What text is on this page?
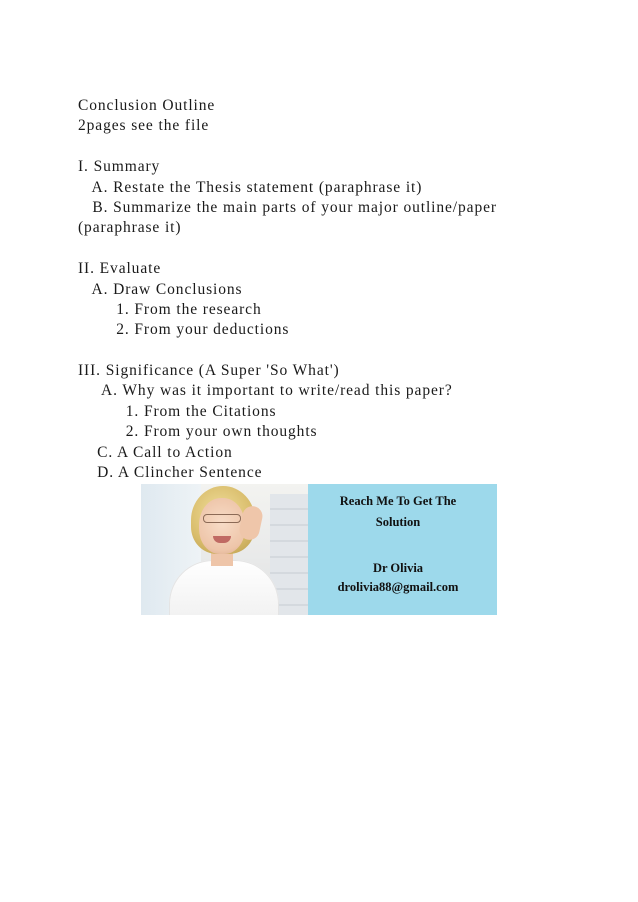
Conclusion Outline
2pages see the file
I. Summary
A. Restate the Thesis statement (paraphrase it)
B. Summarize the main parts of your major outline/paper
(paraphrase it)
II. Evaluate
A. Draw Conclusions
1. From the research
2. From your deductions
III. Significance (A Super 'So What')
A. Why was it important to write/read this paper?
1. From the Citations
2. From your own thoughts
C. A Call to Action
D. A Clincher Sentence
Reach Me To Get The
Solution
Dr Olivia
drolivia88@gmail.com
